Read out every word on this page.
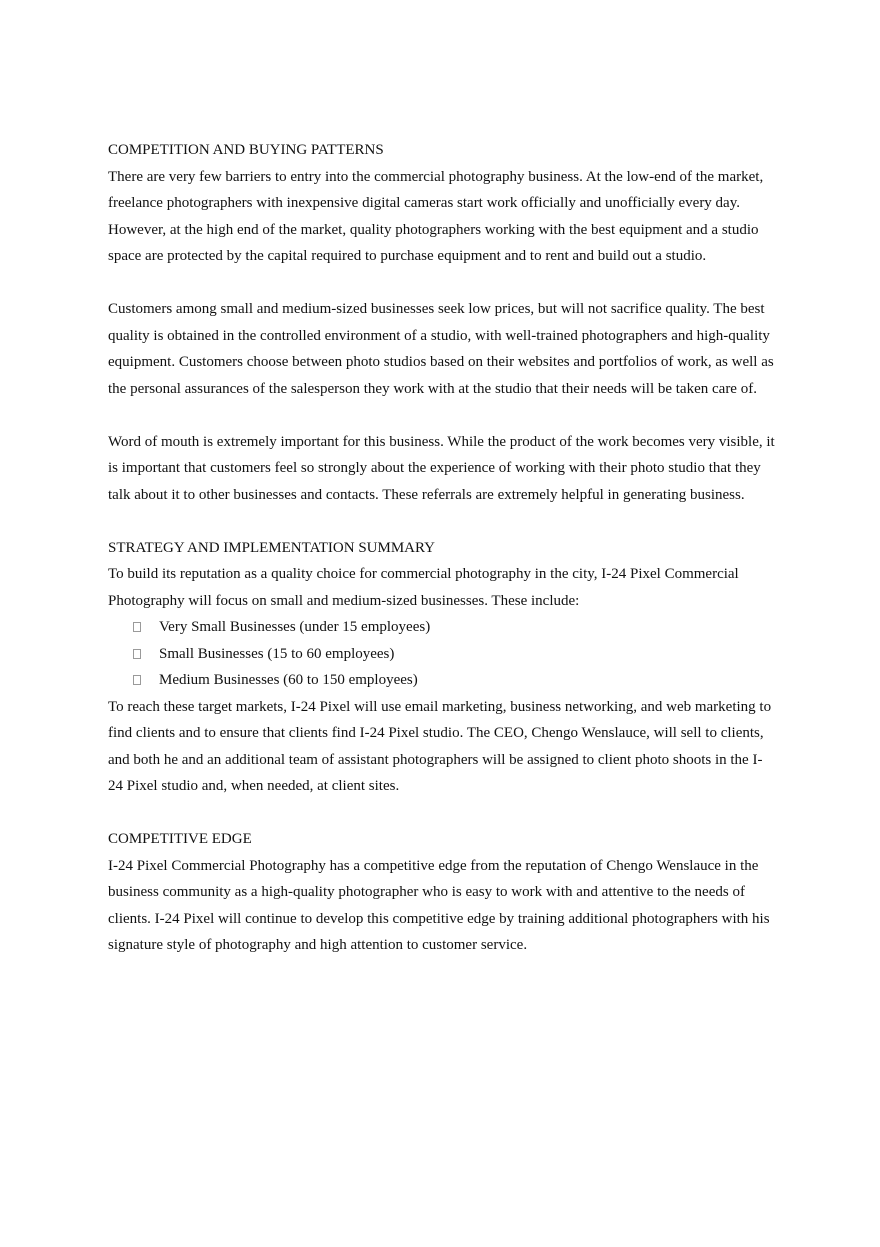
COMPETITION AND BUYING PATTERNS

There are very few barriers to entry into the commercial photography business. At the low-end of the market, freelance photographers with inexpensive digital cameras start work officially and unofficially every day. However, at the high end of the market, quality photographers working with the best equipment and a studio space are protected by the capital required to purchase equipment and to rent and build out a studio.

Customers among small and medium-sized businesses seek low prices, but will not sacrifice quality. The best quality is obtained in the controlled environment of a studio, with well-trained photographers and high-quality equipment. Customers choose between photo studios based on their websites and portfolios of work, as well as the personal assurances of the salesperson they work with at the studio that their needs will be taken care of.

Word of mouth is extremely important for this business. While the product of the work becomes very visible, it is important that customers feel so strongly about the experience of working with their photo studio that they talk about it to other businesses and contacts. These referrals are extremely helpful in generating business.

STRATEGY AND IMPLEMENTATION SUMMARY

To build its reputation as a quality choice for commercial photography in the city, I-24 Pixel Commercial Photography will focus on small and medium-sized businesses. These include:

Very Small Businesses (under 15 employees)
Small Businesses (15 to 60 employees)
Medium Businesses (60 to 150 employees)

To reach these target markets, I-24 Pixel will use email marketing, business networking, and web marketing to find clients and to ensure that clients find I-24 Pixel studio. The CEO, Chengo Wenslauce, will sell to clients, and both he and an additional team of assistant photographers will be assigned to client photo shoots in the I-24 Pixel studio and, when needed, at client sites.

COMPETITIVE EDGE

I-24 Pixel Commercial Photography has a competitive edge from the reputation of Chengo Wenslauce in the business community as a high-quality photographer who is easy to work with and attentive to the needs of clients. I-24 Pixel will continue to develop this competitive edge by training additional photographers with his signature style of photography and high attention to customer service.
